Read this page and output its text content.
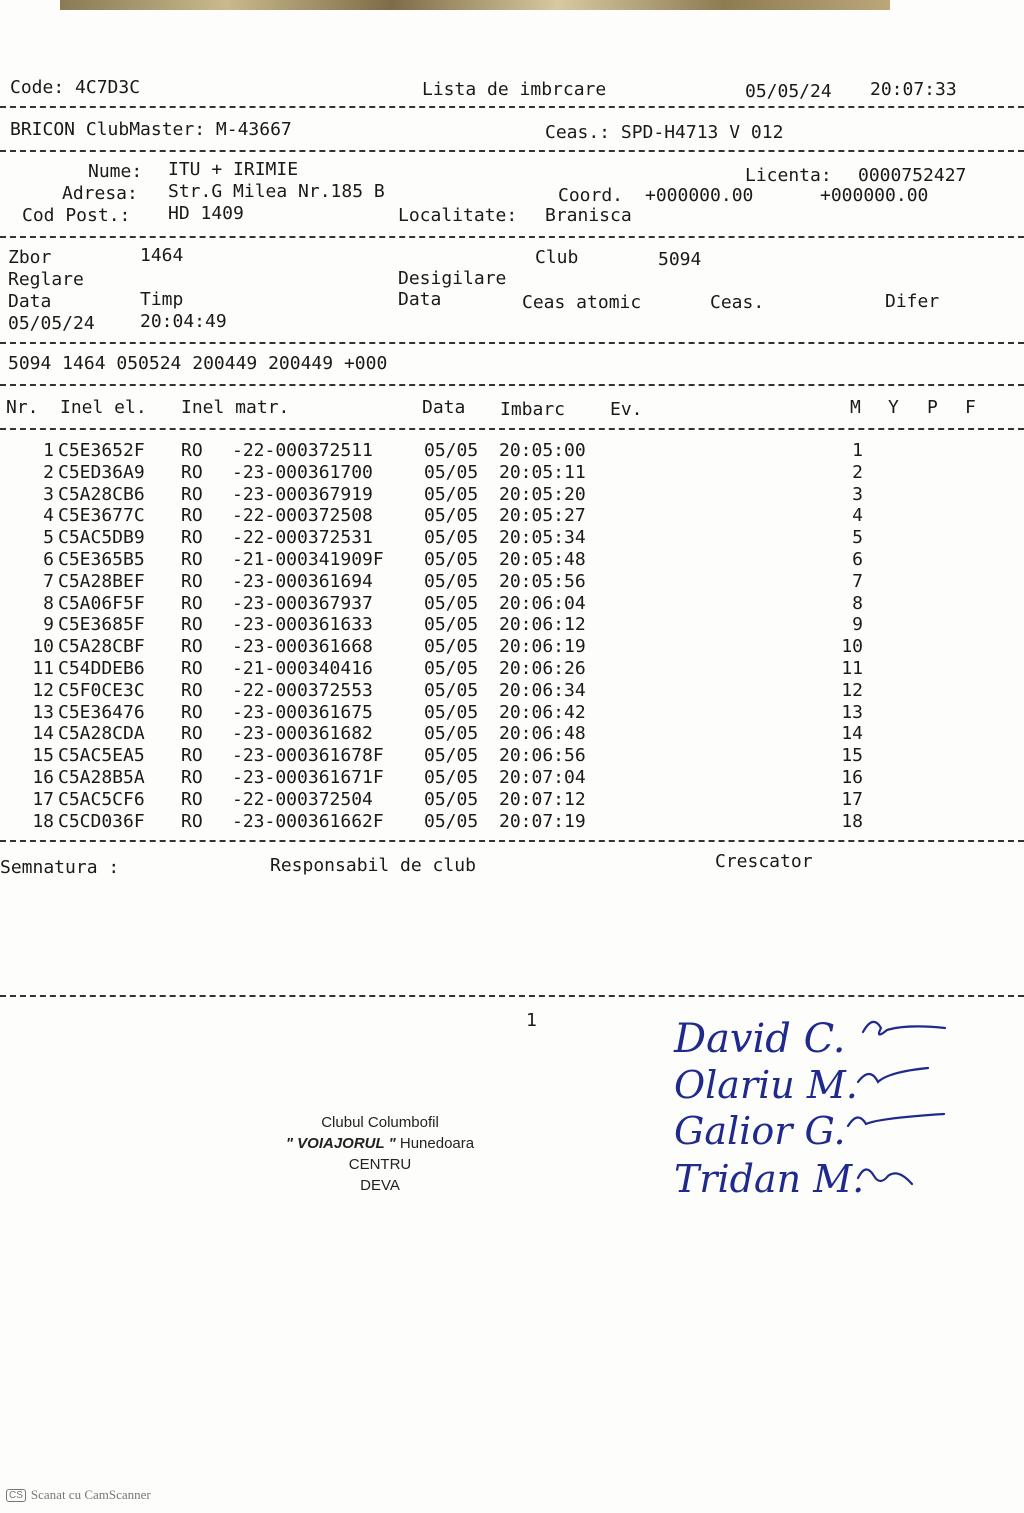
Code: 4C7D3C	Lista de imbrcare	05/05/24 20:07:33
BRICON ClubMaster: M-43667	Ceas.: SPD-H4713 V 012
Nume: ITU + IRIMIE	Licenta: 0000752427
Adresa: Str.G Milea Nr.185 B	Coord. +000000.00	+000000.00
Cod Post.: HD 1409	Localitate: Branisca
Zbor	1464	Club	5094
Reglare	Desigilare
Data	Timp	Data	Ceas atomic	Ceas.	Difer
05/05/24	20:04:49
5094 1464 050524 200449 200449 +000
Nr. Inel el. Inel matr.	Data Imbarc Ev.	M Y P F
1 C5E3652F RO -22-000372511	05/05 20:05:00	1
2 C5ED36A9 RO -23-000361700	05/05 20:05:11	2
3 C5A28CB6 RO -23-000367919	05/05 20:05:20	3
4 C5E3677C RO -22-000372508	05/05 20:05:27	4
5 C5AC5DB9 RO -22-000372531	05/05 20:05:34	5
6 C5E365B5 RO -21-000341909F 05/05 20:05:48	6
7 C5A28BEF RO -23-000361694	05/05 20:05:56	7
8 C5A06F5F RO -23-000367937	05/05 20:06:04	8
9 C5E3685F RO -23-000361633	05/05 20:06:12	9
10 C5A28CBF RO -23-000361668	05/05 20:06:19	10
11 C54DDEB6 RO -21-000340416	05/05 20:06:26	11
12 C5F0CE3C RO -22-000372553	05/05 20:06:34	12
13 C5E36476 RO -23-000361675	05/05 20:06:42	13
14 C5A28CDA RO -23-000361682	05/05 20:06:48	14
15 C5AC5EA5 RO -23-000361678F 05/05 20:06:56	15
16 C5A28B5A RO -23-000361671F 05/05 20:07:04	16
17 C5AC5CF6 RO -22-000372504	05/05 20:07:12	17
18 C5CD036F RO -23-000361662F 05/05 20:07:19	18
Semnatura :	Responsabil de club	Crescator
1
Clubul Columbofil
" VOIAJORUL " Hunedoara
CENTRU
DEVA
David C.
Olariu M.
Galior G.
Tridan M.
CS Scanat cu CamScanner
